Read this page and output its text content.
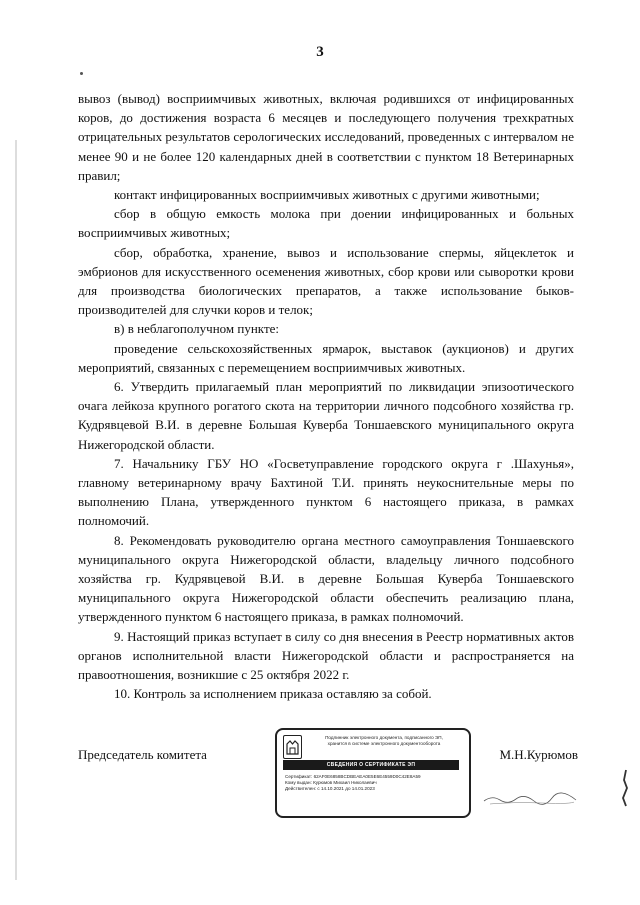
3

вывоз (вывод) восприимчивых животных, включая родившихся от инфицированных коров, до достижения возраста 6 месяцев и последующего получения трехкратных отрицательных результатов серологических исследований, проведенных с интервалом не менее 90 и не более 120 календарных дней в соответствии с пунктом 18 Ветеринарных правил;

контакт инфицированных восприимчивых животных с другими животными;

сбор в общую емкость молока при доении инфицированных и больных восприимчивых животных;

сбор, обработка, хранение, вывоз и использование спермы, яйцеклеток и эмбрионов для искусственного осеменения животных, сбор крови или сыворотки крови для производства биологических препаратов, а также использование быков-производителей для случки коров и телок;

в) в неблагополучном пункте:

проведение сельскохозяйственных ярмарок, выставок (аукционов) и других мероприятий, связанных с перемещением восприимчивых животных.

6. Утвердить прилагаемый план мероприятий по ликвидации эпизоотического очага лейкоза крупного рогатого скота на территории личного подсобного хозяйства гр. Кудрявцевой В.И. в деревне Большая Куверба Тоншаевского муниципального округа Нижегородской области.

7. Начальнику ГБУ НО «Госветуправление городского округа г .Шахунья», главному ветеринарному врачу Бахтиной Т.И. принять неукоснительные меры по выполнению Плана, утвержденного пунктом 6 настоящего приказа, в рамках полномочий.

8. Рекомендовать руководителю органа местного самоуправления Тоншаевского муниципального округа Нижегородской области, владельцу личного подсобного хозяйства гр. Кудрявцевой В.И. в деревне Большая Куверба Тоншаевского муниципального округа Нижегородской области обеспечить реализацию плана, утвержденного пунктом 6 настоящего приказа, в рамках полномочий.

9. Настоящий приказ вступает в силу со дня внесения в Реестр нормативных актов органов исполнительной власти Нижегородской области и распространяется на правоотношения, возникшие с 25 октября 2022 г.

10. Контроль за исполнением приказа оставляю за собой.

Председатель комитета
Подлинник электронного документа, подписанного ЭП,
хранится в системе электронного документооборота
СВЕДЕНИЯ О СЕРТИФИКАТЕ ЭП
Сертификат: 62AF0E6858BCDBEAEA0E5E6E4559D0C42E8A59
Кому выдан: Курюмов Михаил Николаевич
Действителен: с 14.10.2021 до 14.01.2023
М.Н.Курюмов
